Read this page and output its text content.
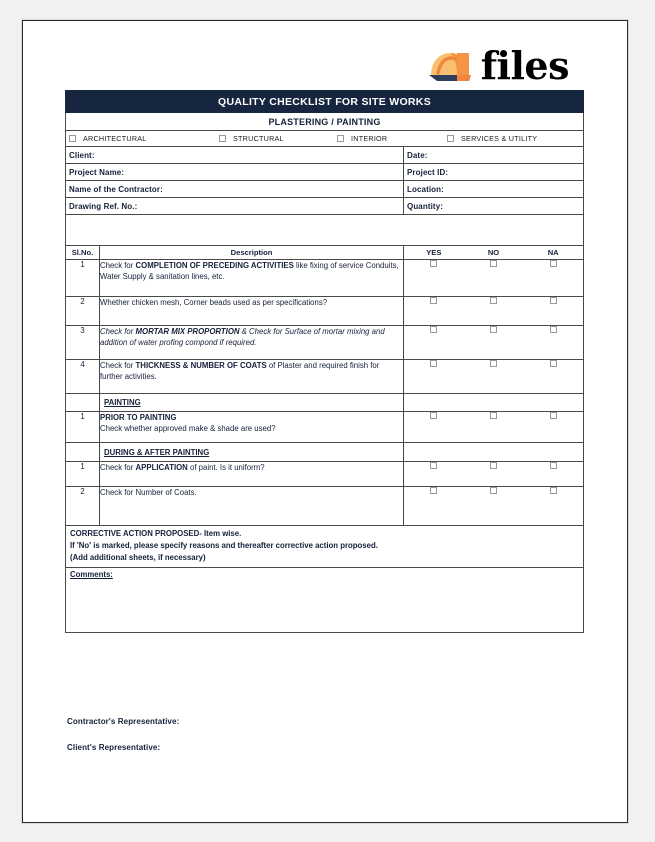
files
QUALITY CHECKLIST FOR SITE WORKS		
PLASTERING / PAINTING		

ARCHITECTURAL STRUCTURAL INTERIOR SERVICES & UTILITY		

Client:		Date:
Project Name:		Project ID:
Name of the Contractor:		Location:
Drawing Ref. No.:		Quantity:

Sl.No.	Description	YES NO NA

1	Check for COMPLETION OF PRECEDING ACTIVITIES like fixing of service Conduits, Water Supply & sanitation lines, etc.	

2	Whether chicken mesh, Corner beads used as per specifications?	

3	Check for MORTAR MIX PROPORTION & Check for Surface of mortar mixing and addition of water profing compond if required.	

4	Check for THICKNESS & NUMBER OF COATS of Plaster and required finish for further activities.	

	PAINTING	
1	PRIOR TO PAINTING
Check whether approved make & shade are used?	

	DURING & AFTER PAINTING	
1	Check for APPLICATION of paint. Is it uniform?	

2	Check for Number of Coats.	

CORRECTIVE ACTION PROPOSED- Item wise.
If 'No' is marked, please specify reasons and thereafter corrective action proposed.
(Add additional sheets, if necessary)		

Comments:		
Contractor's Representative:
Client's Representative:
